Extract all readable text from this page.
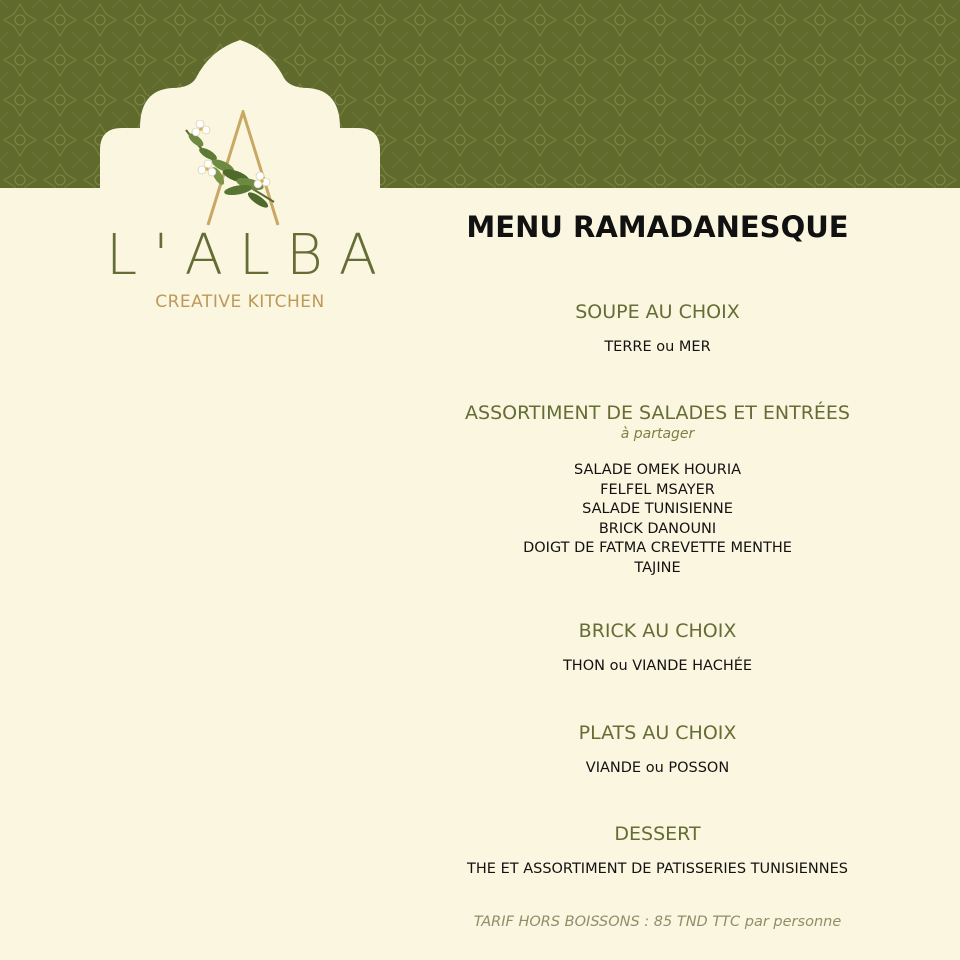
L'ALBA
CREATIVE KITCHEN
MENU RAMADANESQUE
SOUPE AU CHOIX
TERRE ou MER
ASSORTIMENT DE SALADES ET ENTRÉES
à partager
SALADE OMEK HOURIA
FELFEL MSAYER
SALADE TUNISIENNE
BRICK DANOUNI
DOIGT DE FATMA CREVETTE MENTHE
TAJINE
BRICK AU CHOIX
THON ou VIANDE HACHÉE
PLATS AU CHOIX
VIANDE ou POSSON
DESSERT
THE ET ASSORTIMENT DE PATISSERIES TUNISIENNES
TARIF HORS BOISSONS : 85 TND TTC par personne
